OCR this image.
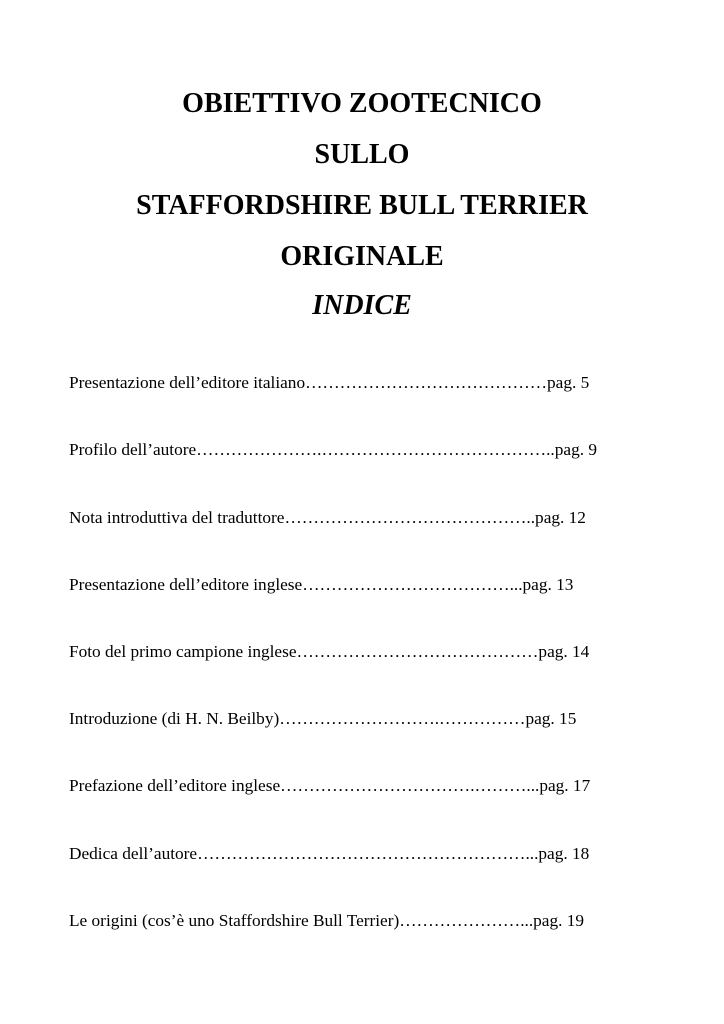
OBIETTIVO ZOOTECNICO
SULLO
STAFFORDSHIRE BULL TERRIER
ORIGINALE
INDICE
Presentazione dell’editore italiano……………………………………pag. 5
Profilo dell’autore………………….…………………………………..pag. 9
Nota introduttiva del traduttore……………………………………..pag. 12
Presentazione dell’editore inglese………………………………...pag. 13
Foto del primo campione inglese……………………………………pag. 14
Introduzione (di H. N. Beilby)……………………….……………pag. 15
Prefazione dell’editore inglese…………………………….………...pag. 17
Dedica dell’autore…………………………………………………...pag. 18
Le origini (cos’è uno Staffordshire Bull Terrier)…………………...pag. 19
